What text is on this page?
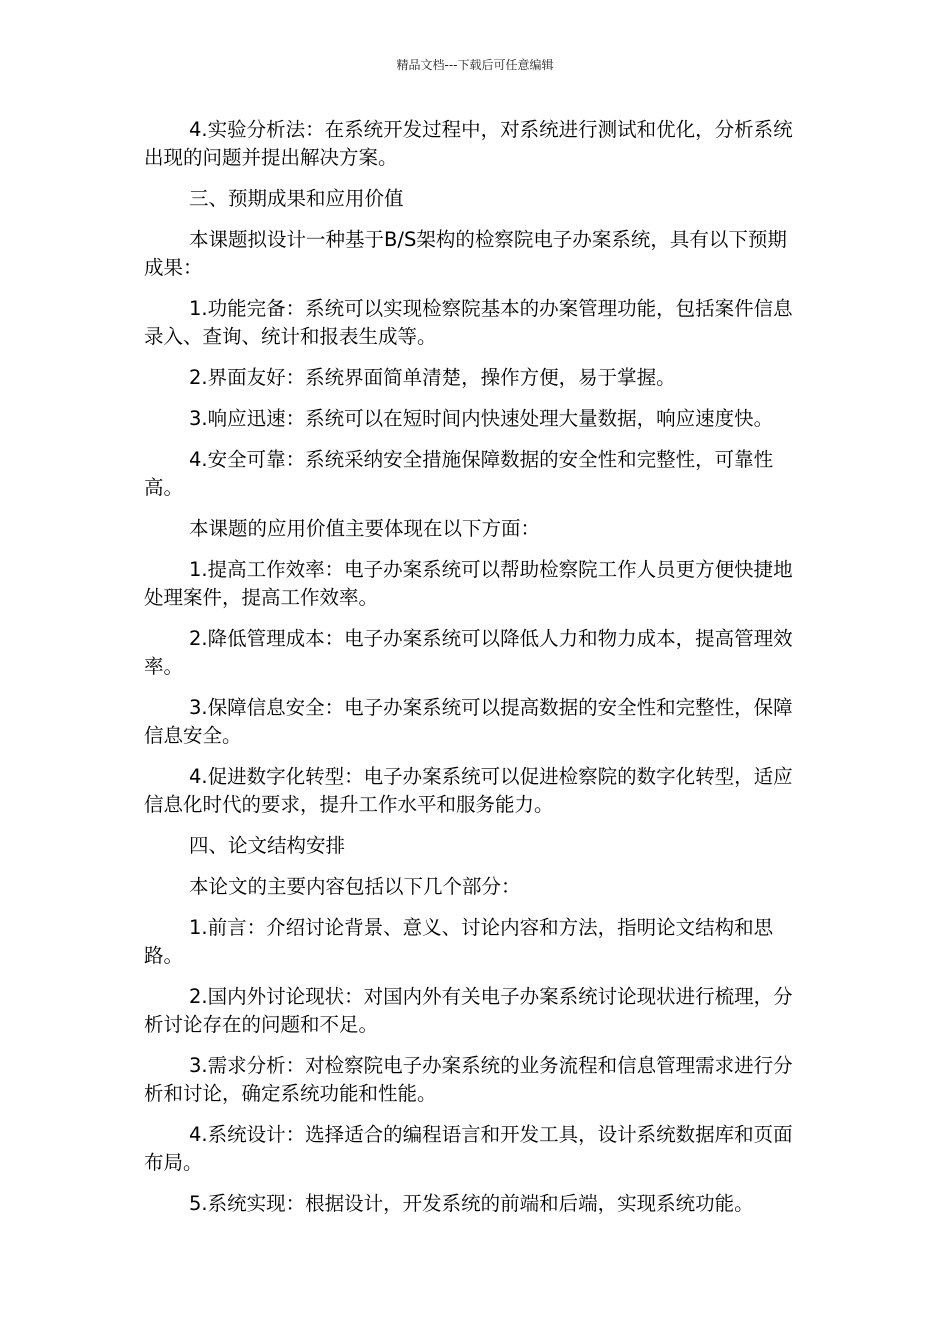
精品文档---下载后可任意编辑

4.实验分析法：在系统开发过程中，对系统进行测试和优化，分析系统出现的问题并提出解决方案。

三、预期成果和应用价值

本课题拟设计一种基于B/S架构的检察院电子办案系统，具有以下预期成果：

1.功能完备：系统可以实现检察院基本的办案管理功能，包括案件信息录入、查询、统计和报表生成等。

2.界面友好：系统界面简单清楚，操作方便，易于掌握。

3.响应迅速：系统可以在短时间内快速处理大量数据，响应速度快。

4.安全可靠：系统采纳安全措施保障数据的安全性和完整性，可靠性高。

本课题的应用价值主要体现在以下方面：

1.提高工作效率：电子办案系统可以帮助检察院工作人员更方便快捷地处理案件，提高工作效率。

2.降低管理成本：电子办案系统可以降低人力和物力成本，提高管理效率。

3.保障信息安全：电子办案系统可以提高数据的安全性和完整性，保障信息安全。

4.促进数字化转型：电子办案系统可以促进检察院的数字化转型，适应信息化时代的要求，提升工作水平和服务能力。

四、论文结构安排

本论文的主要内容包括以下几个部分：

1.前言：介绍讨论背景、意义、讨论内容和方法，指明论文结构和思路。

2.国内外讨论现状：对国内外有关电子办案系统讨论现状进行梳理，分析讨论存在的问题和不足。

3.需求分析：对检察院电子办案系统的业务流程和信息管理需求进行分析和讨论，确定系统功能和性能。

4.系统设计：选择适合的编程语言和开发工具，设计系统数据库和页面布局。

5.系统实现：根据设计，开发系统的前端和后端，实现系统功能。
